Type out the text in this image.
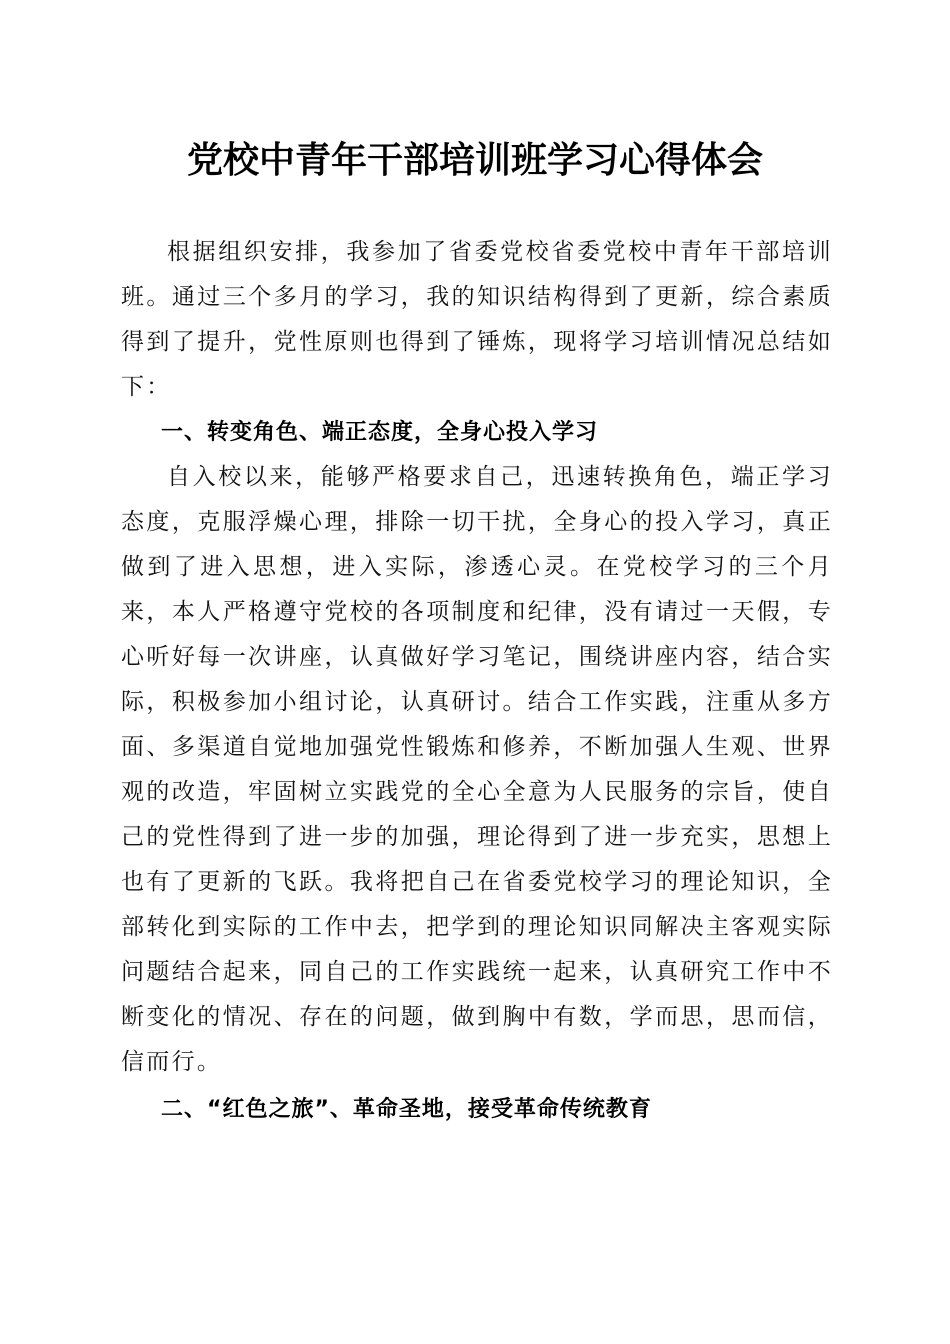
党校中青年干部培训班学习心得体会

根据组织安排，我参加了省委党校省委党校中青年干部培训班。通过三个多月的学习，我的知识结构得到了更新，综合素质得到了提升，党性原则也得到了锤炼，现将学习培训情况总结如下：

一、转变角色、端正态度，全身心投入学习

自入校以来，能够严格要求自己，迅速转换角色，端正学习态度，克服浮燥心理，排除一切干扰，全身心的投入学习，真正做到了进入思想，进入实际，渗透心灵。在党校学习的三个月来，本人严格遵守党校的各项制度和纪律，没有请过一天假，专心听好每一次讲座，认真做好学习笔记，围绕讲座内容，结合实际，积极参加小组讨论，认真研讨。结合工作实践，注重从多方面、多渠道自觉地加强党性锻炼和修养，不断加强人生观、世界观的改造，牢固树立实践党的全心全意为人民服务的宗旨，使自己的党性得到了进一步的加强，理论得到了进一步充实，思想上也有了更新的飞跃。我将把自己在省委党校学习的理论知识，全部转化到实际的工作中去，把学到的理论知识同解决主客观实际问题结合起来，同自己的工作实践统一起来，认真研究工作中不断变化的情况、存在的问题，做到胸中有数，学而思，思而信，信而行。

二、“红色之旅”、革命圣地，接受革命传统教育
